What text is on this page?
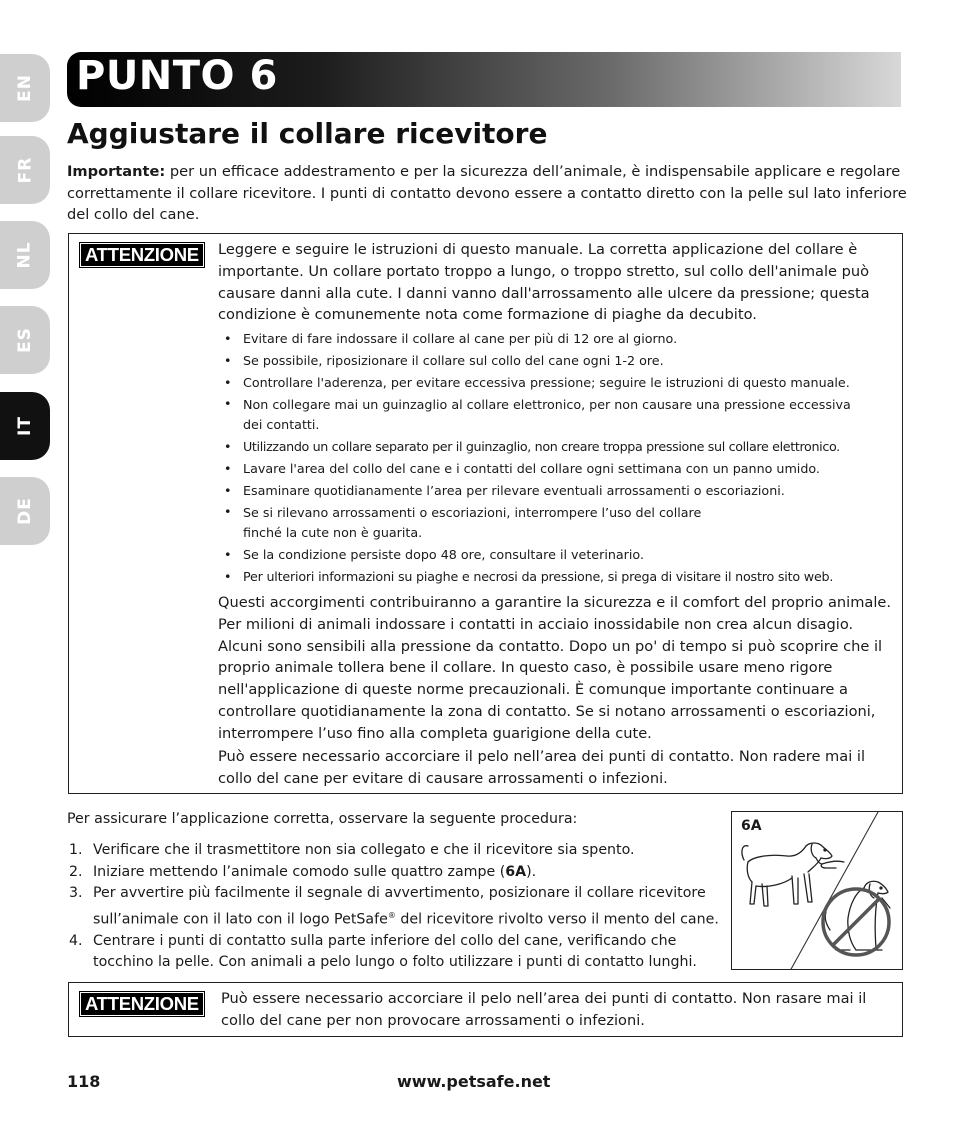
EN
FR
NL
ES
IT
DE
PUNTO 6
Aggiustare il collare ricevitore

Importante: per un efficace addestramento e per la sicurezza dell’animale, è indispensabile applicare e regolare correttamente il collare ricevitore. I punti di contatto devono essere a contatto diretto con la pelle sul lato inferiore del collo del cane.

ATTENZIONE Leggere e seguire le istruzioni di questo manuale. La corretta applicazione del collare è importante. Un collare portato troppo a lungo, o troppo stretto, sul collo dell'animale può causare danni alla cute. I danni vanno dall'arrossamento alle ulcere da pressione; questa condizione è comunemente nota come formazione di piaghe da decubito.

• Evitare di fare indossare il collare al cane per più di 12 ore al giorno.
• Se possibile, riposizionare il collare sul collo del cane ogni 1-2 ore.
• Controllare l'aderenza, per evitare eccessiva pressione; seguire le istruzioni di questo manuale.
• Non collegare mai un guinzaglio al collare elettronico, per non causare una pressione eccessiva dei contatti.
• Utilizzando un collare separato per il guinzaglio, non creare troppa pressione sul collare elettronico.
• Lavare l'area del collo del cane e i contatti del collare ogni settimana con un panno umido.
• Esaminare quotidianamente l’area per rilevare eventuali arrossamenti o escoriazioni.
• Se si rilevano arrossamenti o escoriazioni, interrompere l’uso del collare finché la cute non è guarita.
• Se la condizione persiste dopo 48 ore, consultare il veterinario.
• Per ulteriori informazioni su piaghe e necrosi da pressione, si prega di visitare il nostro sito web.

Questi accorgimenti contribuiranno a garantire la sicurezza e il comfort del proprio animale. Per milioni di animali indossare i contatti in acciaio inossidabile non crea alcun disagio. Alcuni sono sensibili alla pressione da contatto. Dopo un po' di tempo si può scoprire che il proprio animale tollera bene il collare. In questo caso, è possibile usare meno rigore nell'applicazione di queste norme precauzionali. È comunque importante continuare a controllare quotidianamente la zona di contatto. Se si notano arrossamenti o escoriazioni, interrompere l’uso fino alla completa guarigione della cute.

Può essere necessario accorciare il pelo nell’area dei punti di contatto. Non radere mai il collo del cane per evitare di causare arrossamenti o infezioni.

Per assicurare l’applicazione corretta, osservare la seguente procedura:

1. Verificare che il trasmettitore non sia collegato e che il ricevitore sia spento.
2. Iniziare mettendo l’animale comodo sulle quattro zampe (6A).
3. Per avvertire più facilmente il segnale di avvertimento, posizionare il collare ricevitore sull’animale con il lato con il logo PetSafe® del ricevitore rivolto verso il mento del cane.
4. Centrare i punti di contatto sulla parte inferiore del collo del cane, verificando che tocchino la pelle. Con animali a pelo lungo o folto utilizzare i punti di contatto lunghi.
6A
ATTENZIONE Può essere necessario accorciare il pelo nell’area dei punti di contatto. Non rasare mai il collo del cane per non provocare arrossamenti o infezioni.

118	www.petsafe.net
